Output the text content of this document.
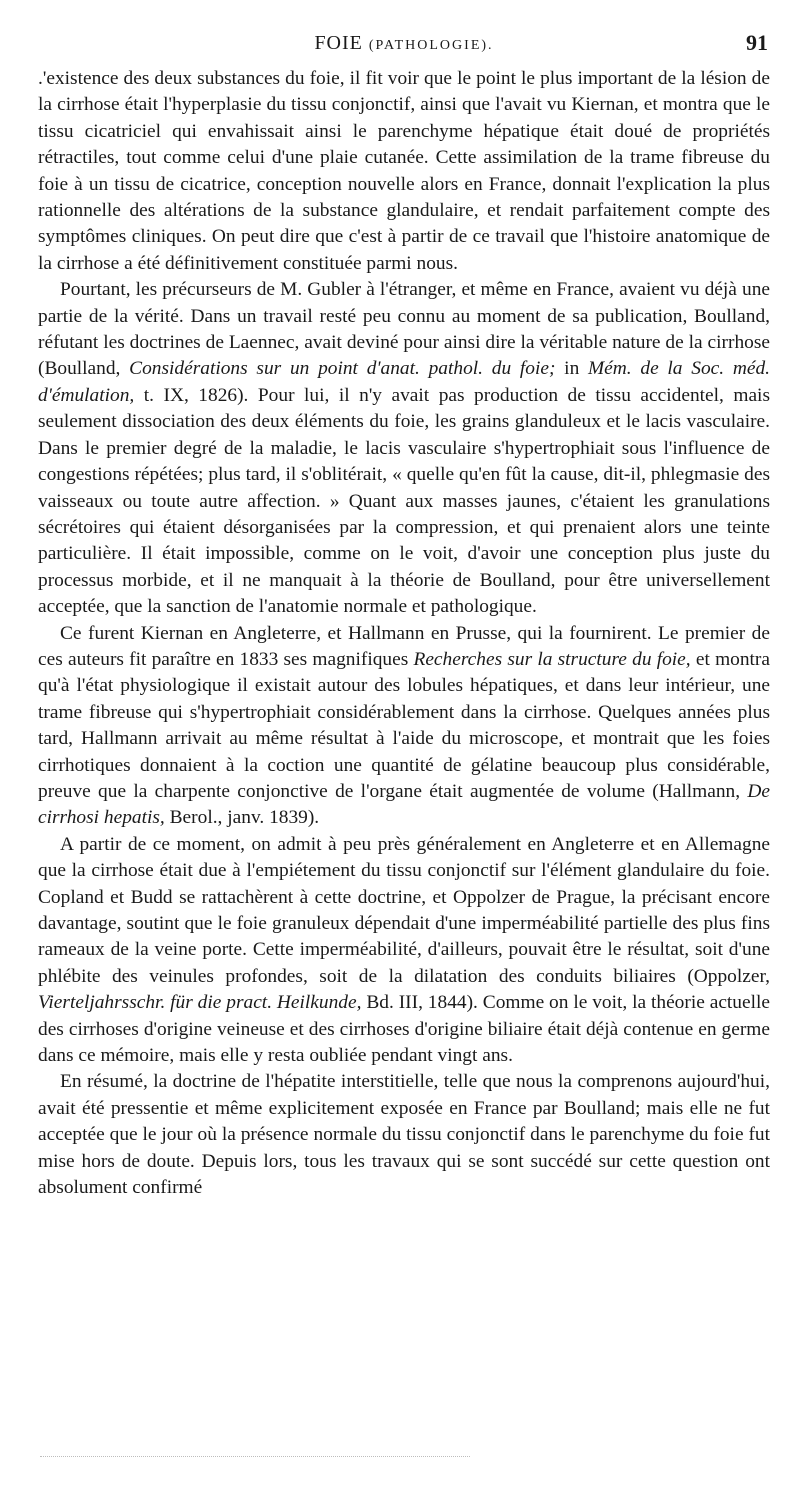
FOIE (PATHOLOGIE).	91

.'existence des deux substances du foie, il fit voir que le point le plus important de la lésion de la cirrhose était l'hyperplasie du tissu conjonctif, ainsi que l'avait vu Kiernan, et montra que le tissu cicatriciel qui envahissait ainsi le parenchyme hépatique était doué de propriétés rétractiles, tout comme celui d'une plaie cutanée. Cette assimilation de la trame fibreuse du foie à un tissu de cicatrice, conception nouvelle alors en France, donnait l'explication la plus rationnelle des altérations de la substance glandulaire, et rendait parfaitement compte des symptômes cliniques. On peut dire que c'est à partir de ce travail que l'histoire anatomique de la cirrhose a été définitivement constituée parmi nous.

Pourtant, les précurseurs de M. Gubler à l'étranger, et même en France, avaient vu déjà une partie de la vérité. Dans un travail resté peu connu au moment de sa publication, Boulland, réfutant les doctrines de Laennec, avait deviné pour ainsi dire la véritable nature de la cirrhose (Boulland, Considérations sur un point d'anat. pathol. du foie; in Mém. de la Soc. méd. d'émulation, t. IX, 1826). Pour lui, il n'y avait pas production de tissu accidentel, mais seulement dissociation des deux éléments du foie, les grains glanduleux et le lacis vasculaire. Dans le premier degré de la maladie, le lacis vasculaire s'hypertrophiait sous l'influence de congestions répétées; plus tard, il s'oblitérait, « quelle qu'en fût la cause, dit-il, phlegmasie des vaisseaux ou toute autre affection. » Quant aux masses jaunes, c'étaient les granulations sécrétoires qui étaient désorganisées par la compression, et qui prenaient alors une teinte particulière. Il était impossible, comme on le voit, d'avoir une conception plus juste du processus morbide, et il ne manquait à la théorie de Boulland, pour être universellement acceptée, que la sanction de l'anatomie normale et pathologique.

Ce furent Kiernan en Angleterre, et Hallmann en Prusse, qui la fournirent. Le premier de ces auteurs fit paraître en 1833 ses magnifiques Recherches sur la structure du foie, et montra qu'à l'état physiologique il existait autour des lobules hépatiques, et dans leur intérieur, une trame fibreuse qui s'hypertrophiait considérablement dans la cirrhose. Quelques années plus tard, Hallmann arrivait au même résultat à l'aide du microscope, et montrait que les foies cirrhotiques donnaient à la coction une quantité de gélatine beaucoup plus considérable, preuve que la charpente conjonctive de l'organe était augmentée de volume (Hallmann, De cirrhosi hepatis, Berol., janv. 1839).

A partir de ce moment, on admit à peu près généralement en Angleterre et en Allemagne que la cirrhose était due à l'empiétement du tissu conjonctif sur l'élément glandulaire du foie. Copland et Budd se rattachèrent à cette doctrine, et Oppolzer de Prague, la précisant encore davantage, soutint que le foie granuleux dépendait d'une imperméabilité partielle des plus fins rameaux de la veine porte. Cette imperméabilité, d'ailleurs, pouvait être le résultat, soit d'une phlébite des veinules profondes, soit de la dilatation des conduits biliaires (Oppolzer, Vierteljahrsschr. für die pract. Heilkunde, Bd. III, 1844). Comme on le voit, la théorie actuelle des cirrhoses d'origine veineuse et des cirrhoses d'origine biliaire était déjà contenue en germe dans ce mémoire, mais elle y resta oubliée pendant vingt ans.

En résumé, la doctrine de l'hépatite interstitielle, telle que nous la comprenons aujourd'hui, avait été pressentie et même explicitement exposée en France par Boulland; mais elle ne fut acceptée que le jour où la présence normale du tissu conjonctif dans le parenchyme du foie fut mise hors de doute. Depuis lors, tous les travaux qui se sont succédé sur cette question ont absolument confirmé
